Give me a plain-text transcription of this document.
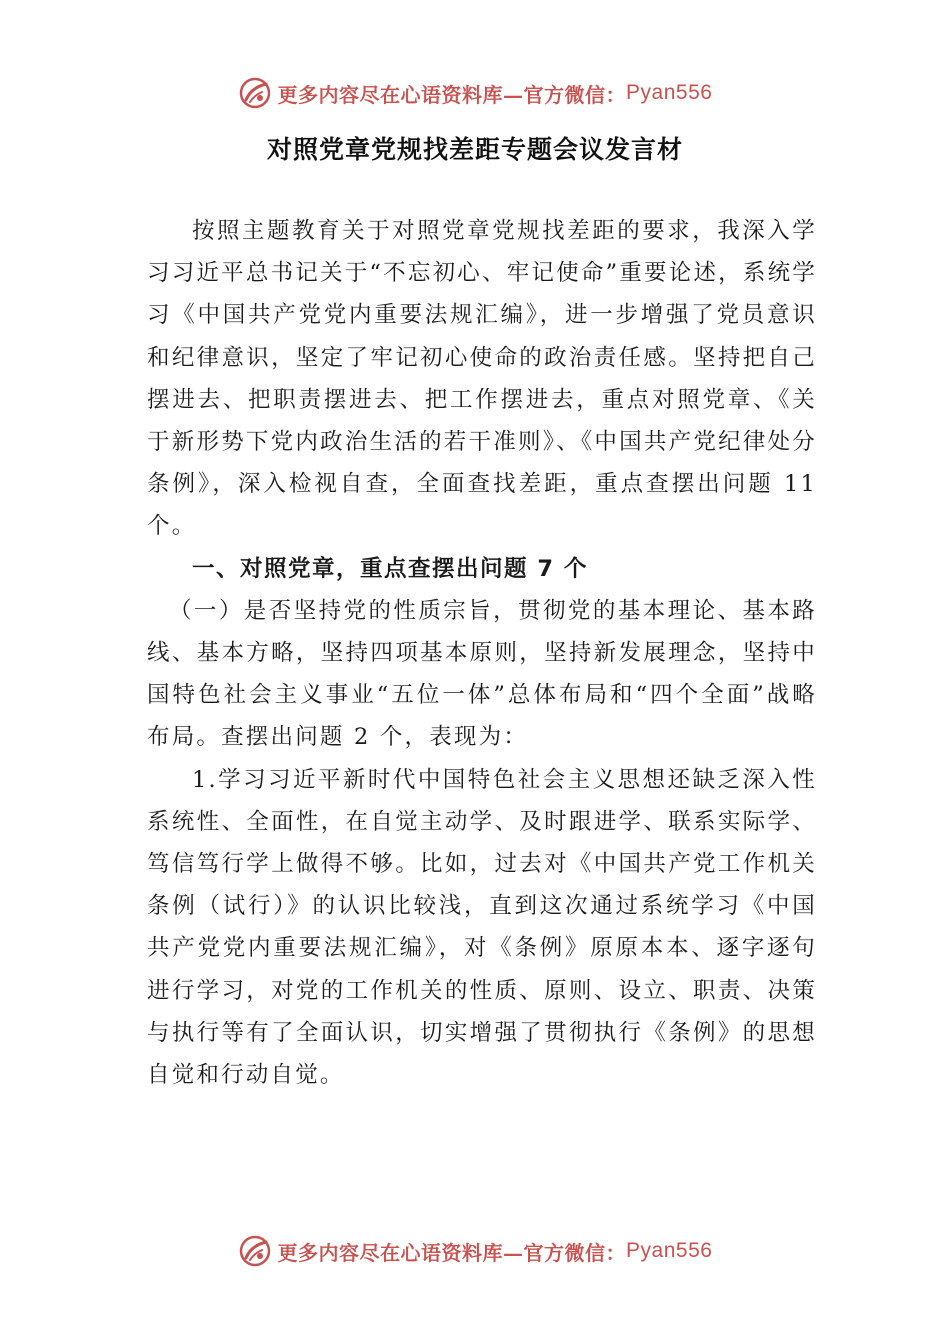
更多内容尽在心语资料库—官方微信： Pyan556
对照党章党规找差距专题会议发言材

按照主题教育关于对照党章党规找差距的要求，我深入学习习近平总书记关于“不忘初心、牢记使命”重要论述，系统学习《中国共产党党内重要法规汇编》，进一步增强了党员意识和纪律意识，坚定了牢记初心使命的政治责任感。坚持把自己摆进去、把职责摆进去、把工作摆进去，重点对照党章、《关于新形势下党内政治生活的若干准则》、《中国共产党纪律处分条例》，深入检视自查，全面查找差距，重点查摆出问题 11 个。

一、对照党章，重点查摆出问题 7 个

（一）是否坚持党的性质宗旨，贯彻党的基本理论、基本路线、基本方略，坚持四项基本原则，坚持新发展理念，坚持中国特色社会主义事业“五位一体”总体布局和“四个全面”战略布局。查摆出问题 2 个，表现为：

1.学习习近平新时代中国特色社会主义思想还缺乏深入性系统性、全面性，在自觉主动学、及时跟进学、联系实际学、笃信笃行学上做得不够。比如，过去对《中国共产党工作机关条例（试行）》的认识比较浅，直到这次通过系统学习《中国共产党党内重要法规汇编》，对《条例》原原本本、逐字逐句进行学习，对党的工作机关的性质、原则、设立、职责、决策与执行等有了全面认识，切实增强了贯彻执行《条例》的思想自觉和行动自觉。

更多内容尽在心语资料库—官方微信： Pyan556
